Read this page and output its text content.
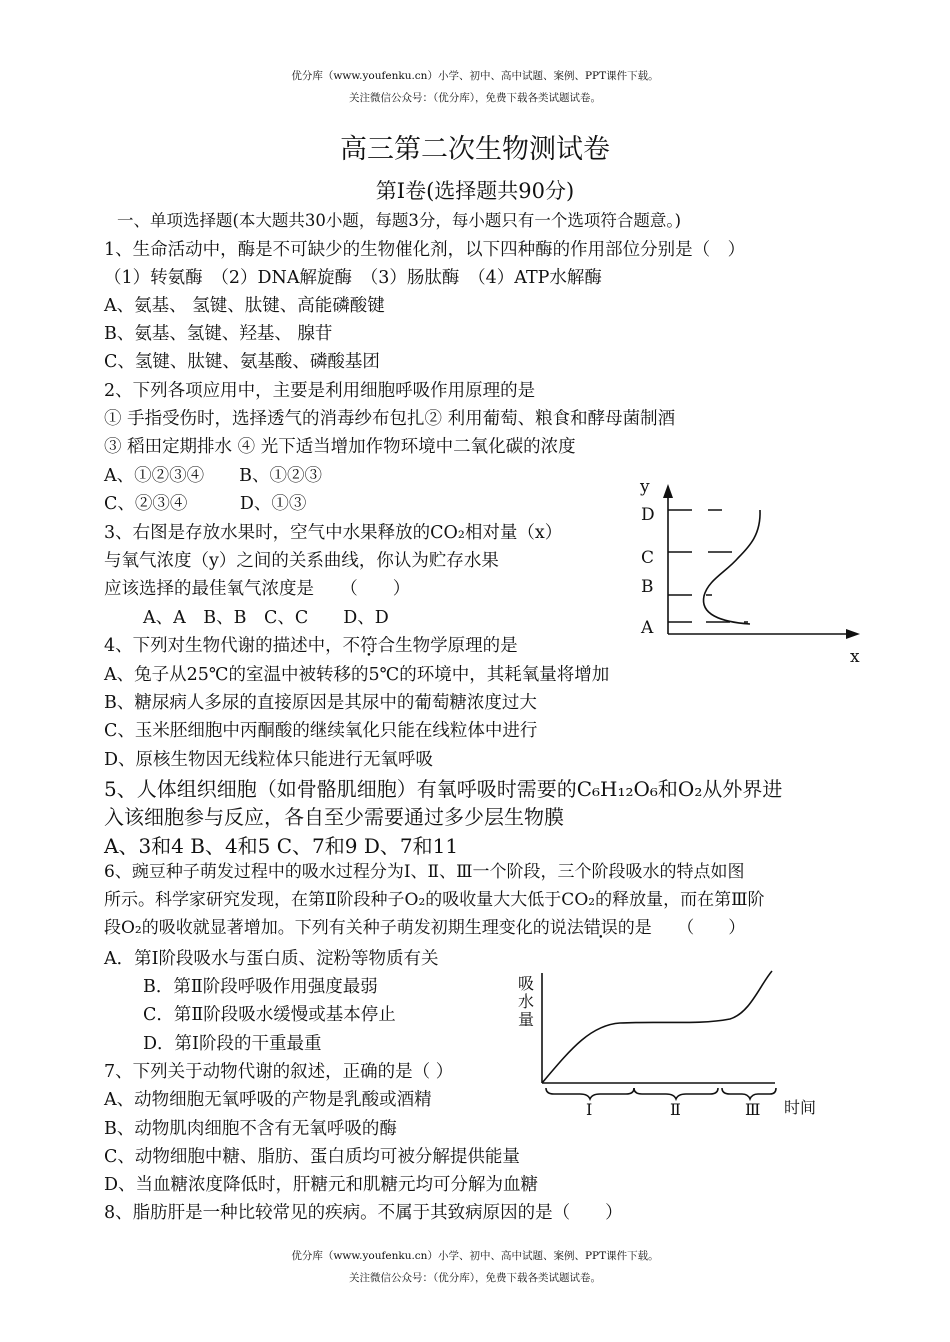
优分库（www.youfenku.cn）小学、初中、高中试题、案例、PPT课件下载。
关注微信公众号：（优分库），免费下载各类试题试卷。
高三第二次生物测试卷
第Ⅰ卷(选择题共90分)
一、单项选择题(本大题共30小题，每题3分，每小题只有一个选项符合题意。)
1、生命活动中，酶是不可缺少的生物催化剂，以下四种酶的作用部位分别是（　）
（1）转氨酶　（2）DNA解旋酶　（3）肠肽酶　（4）ATP水解酶
A、氨基、 氢键、肽键、高能磷酸键
B、氨基、氢键、羟基、 腺苷
C、氢键、肽键、氨基酸、磷酸基团
2、下列各项应用中，主要是利用细胞呼吸作用原理的是
① 手指受伤时，选择透气的消毒纱布包扎② 利用葡萄、粮食和酵母菌制酒
③ 稻田定期排水 ④ 光下适当增加作物环境中二氧化碳的浓度
A、①②③④　　B、①②③
C、②③④　　　D、①③
3、右图是存放水果时，空气中水果释放的CO₂相对量（x）
与氧气浓度（y）之间的关系曲线，你认为贮存水果
应该选择的最佳氧气浓度是　　（　　）
A、A　B、B　C、C　　D、D
y
x
D
C
B
A
4、下列对生物代谢的描述中，不符合生物学原理的是
A、兔子从25℃的室温中被转移的5℃的环境中，其耗氧量将增加
B、糖尿病人多尿的直接原因是其尿中的葡萄糖浓度过大
C、玉米胚细胞中丙酮酸的继续氧化只能在线粒体中进行
D、原核生物因无线粒体只能进行无氧呼吸
5、人体组织细胞（如骨骼肌细胞）有氧呼吸时需要的C₆H₁₂O₆和O₂从外界进
入该细胞参与反应，各自至少需要通过多少层生物膜
A、3和4 B、4和5 C、7和9 D、7和11
6、豌豆种子萌发过程中的吸水过程分为Ⅰ、Ⅱ、Ⅲ一个阶段，三个阶段吸水的特点如图
所示。科学家研究发现，在第Ⅱ阶段种子O₂的吸收量大大低于CO₂的释放量，而在第Ⅲ阶
段O₂的吸收就显著增加。下列有关种子萌发初期生理变化的说法错误的是　　（　　）
A．第Ⅰ阶段吸水与蛋白质、淀粉等物质有关
B．第Ⅱ阶段呼吸作用强度最弱
C．第Ⅱ阶段吸水缓慢或基本停止
D．第Ⅰ阶段的干重最重
吸
水
量
时间
Ⅰ	Ⅱ	Ⅲ
7、下列关于动物代谢的叙述，正确的是（ ）
A、动物细胞无氧呼吸的产物是乳酸或酒精
B、动物肌肉细胞不含有无氧呼吸的酶
C、动物细胞中糖、脂肪、蛋白质均可被分解提供能量
D、当血糖浓度降低时，肝糖元和肌糖元均可分解为血糖
8、脂肪肝是一种比较常见的疾病。不属于其致病原因的是（　　）
优分库（www.youfenku.cn）小学、初中、高中试题、案例、PPT课件下载。
关注微信公众号：（优分库），免费下载各类试题试卷。
